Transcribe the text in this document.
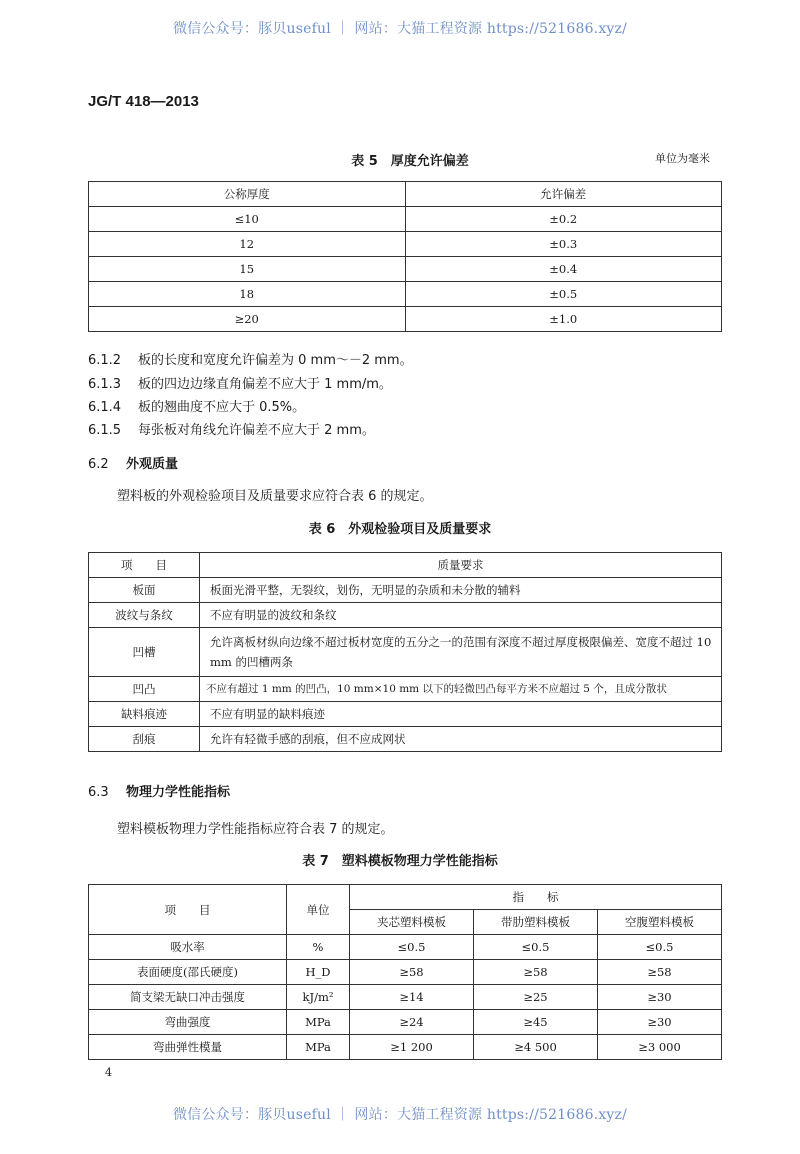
微信公众号：豚贝useful ｜ 网站：大猫工程资源 https://521686.xyz/
JG/T 418—2013
表 5　厚度允许偏差	单位为毫米
公称厚度	允许偏差
≤10	±0.2
12	±0.3
15	±0.4
18	±0.5
≥20	±1.0
6.1.2 板的长度和宽度允许偏差为 0 mm～－2 mm。
6.1.3 板的四边边缘直角偏差不应大于 1 mm/m。
6.1.4 板的翘曲度不应大于 0.5%。
6.1.5 每张板对角线允许偏差不应大于 2 mm。
6.2 外观质量
塑料板的外观检验项目及质量要求应符合表 6 的规定。
表 6　外观检验项目及质量要求
项　　目	质量要求
板面	板面光滑平整，无裂纹，划伤，无明显的杂质和未分散的辅料
波纹与条纹	不应有明显的波纹和条纹
凹槽	允许离板材纵向边缘不超过板材宽度的五分之一的范围有深度不超过厚度极限偏差、宽度不超过 10 mm 的凹槽两条
凹凸	不应有超过 1 mm 的凹凸，10 mm×10 mm 以下的轻微凹凸每平方米不应超过 5 个，且成分散状
缺料痕迹	不应有明显的缺料痕迹
刮痕	允许有轻微手感的刮痕，但不应成网状
6.3 物理力学性能指标
塑料模板物理力学性能指标应符合表 7 的规定。
表 7　塑料模板物理力学性能指标
项　　目	单位	指　　标		
		夹芯塑料模板	带肋塑料模板	空腹塑料模板
吸水率	%	≤0.5	≤0.5	≤0.5
表面硬度(邵氏硬度)	H_D	≥58	≥58	≥58
简支梁无缺口冲击强度	kJ/m²	≥14	≥25	≥30
弯曲强度	MPa	≥24	≥45	≥30
弯曲弹性模量	MPa	≥1 200	≥4 500	≥3 000
4
微信公众号：豚贝useful ｜ 网站：大猫工程资源 https://521686.xyz/
